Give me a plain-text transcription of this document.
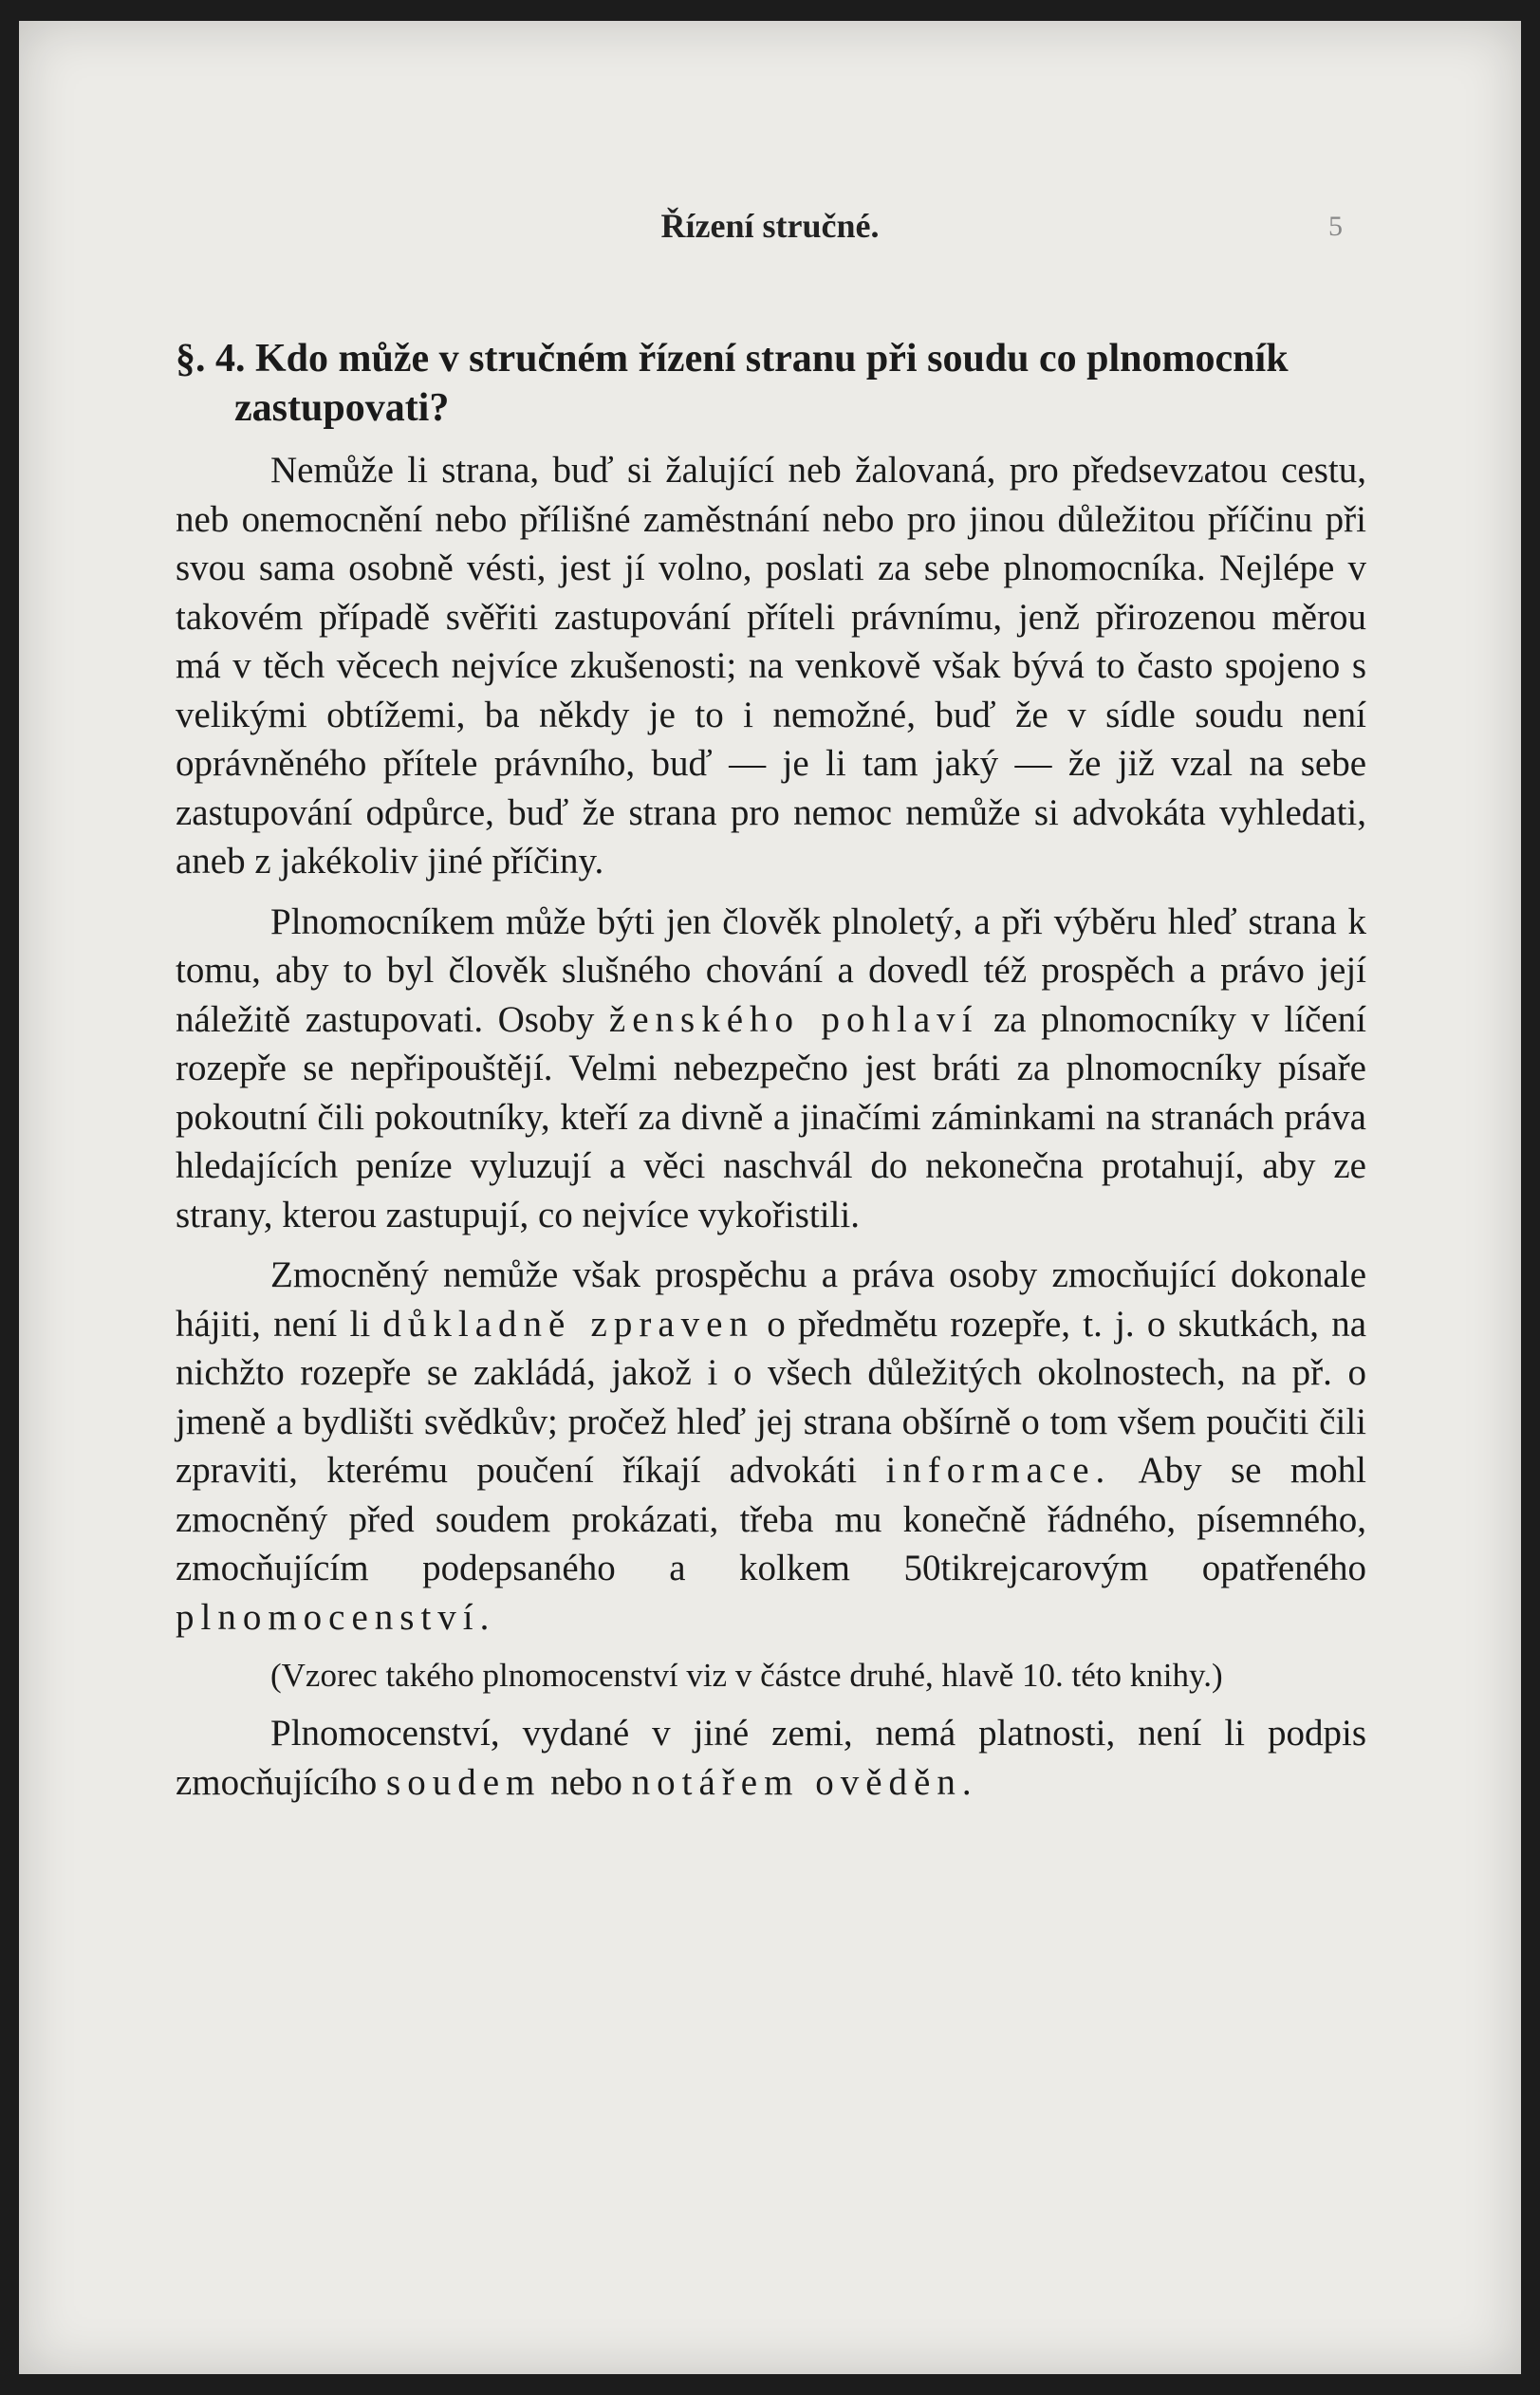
Řízení stručné.	5
§. 4. Kdo může v stručném řízení stranu při soudu co plnomocník zastupovati?

Nemůže li strana, buď si žalující neb žalovaná, pro předsevzatou cestu, neb onemocnění nebo přílišné zaměstnání nebo pro jinou důležitou příčinu při svou sama osobně vésti, jest jí volno, poslati za sebe plnomocníka. Nejlépe v takovém případě svěřiti zastupování příteli právnímu, jenž přirozenou měrou má v těch věcech nejvíce zkušenosti; na venkově však bývá to často spojeno s velikými obtížemi, ba někdy je to i nemožné, buď že v sídle soudu není oprávněného přítele právního, buď — je li tam jaký — že již vzal na sebe zastupování odpůrce, buď že strana pro nemoc nemůže si advokáta vyhledati, aneb z jakékoliv jiné příčiny.

Plnomocníkem může býti jen člověk plnoletý, a při výběru hleď strana k tomu, aby to byl člověk slušného chování a dovedl též prospěch a právo její náležitě zastupovati. Osoby ženského pohlaví za plnomocníky v líčení rozepře se nepřipouštějí. Velmi nebezpečno jest bráti za plnomocníky písaře pokoutní čili pokoutníky, kteří za divně a jinačími záminkami na stranách práva hledajících peníze vyluzují a věci naschvál do nekonečna protahují, aby ze strany, kterou zastupují, co nejvíce vykořistili.

Zmocněný nemůže však prospěchu a práva osoby zmocňující dokonale hájiti, není li důkladně zpraven o předmětu rozepře, t. j. o skutkách, na nichžto rozepře se zakládá, jakož i o všech důležitých okolnostech, na př. o jmeně a bydlišti svědkův; pročež hleď jej strana obšírně o tom všem poučiti čili zpraviti, kterému poučení říkají advokáti informace. Aby se mohl zmocněný před soudem prokázati, třeba mu konečně řádného, písemného, zmocňujícím podepsaného a kolkem 50tikrejcarovým opatřeného plnomocenství.

(Vzorec takého plnomocenství viz v částce druhé, hlavě 10. této knihy.)

Plnomocenství, vydané v jiné zemi, nemá platnosti, není li podpis zmocňujícího soudem nebo notářem ověděn.
